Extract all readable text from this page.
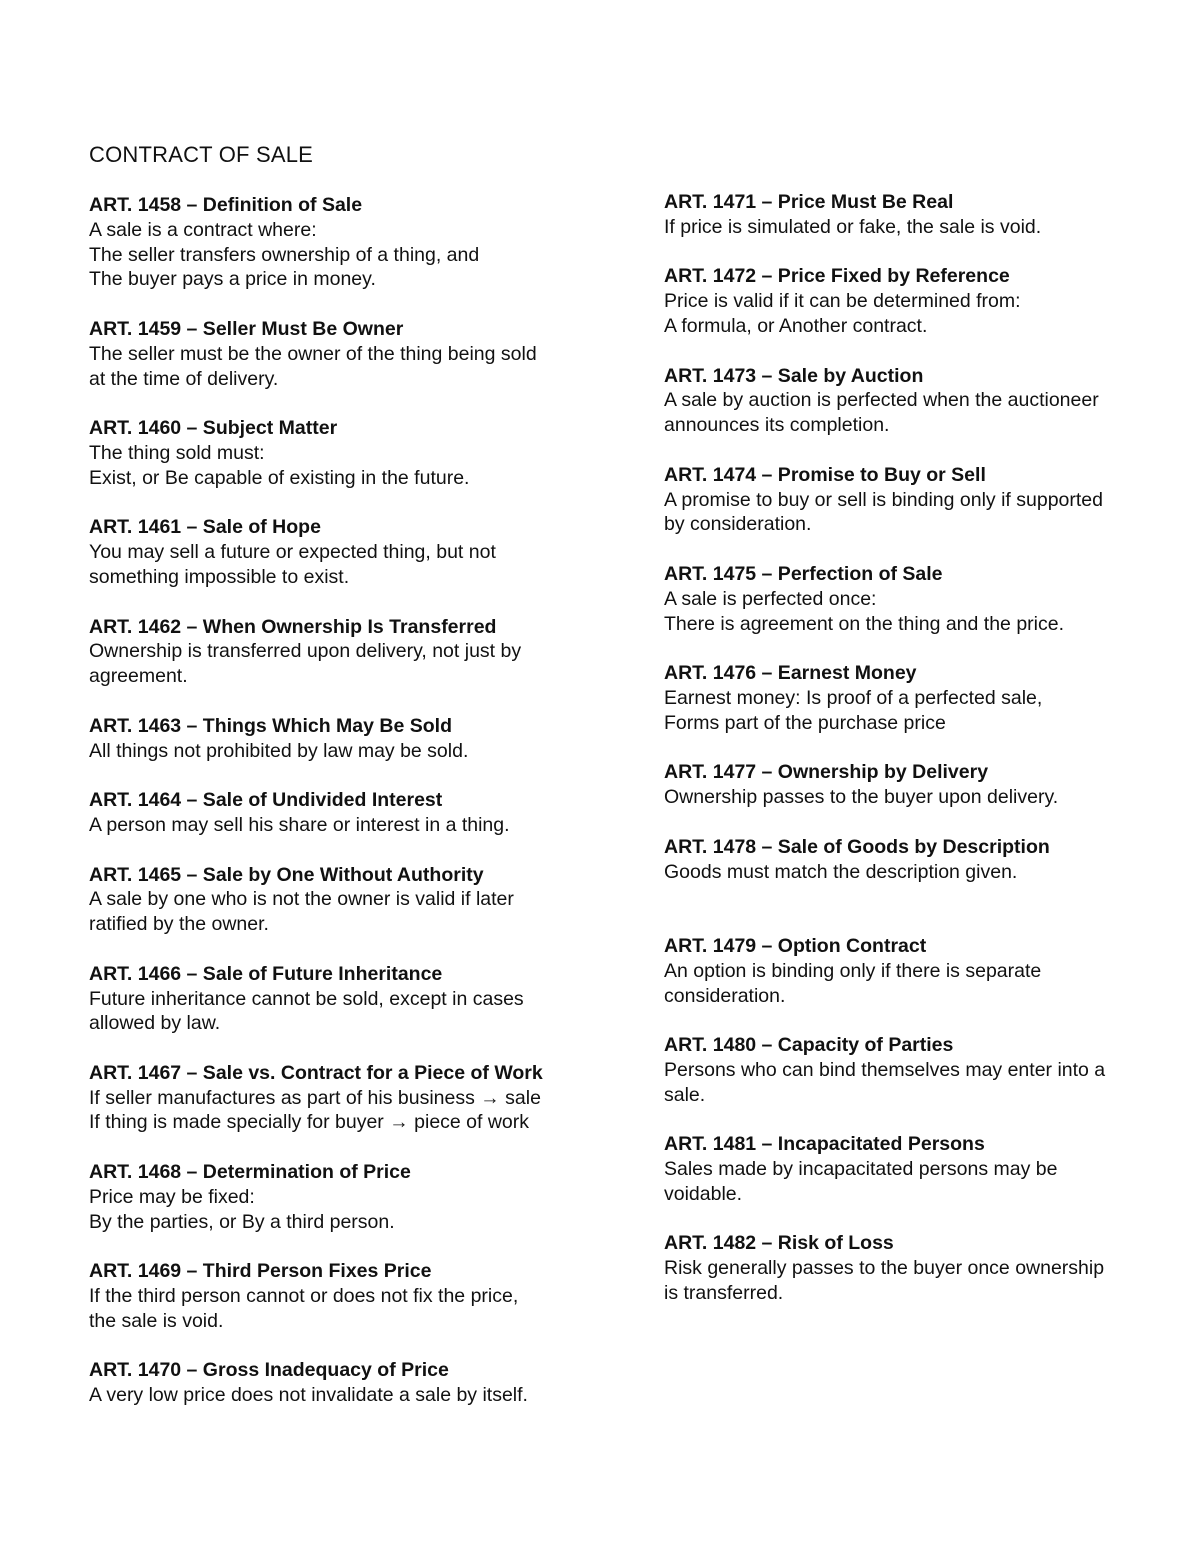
CONTRACT OF SALE
ART. 1458 – Definition of Sale
A sale is a contract where:
The seller transfers ownership of a thing, and
The buyer pays a price in money.
ART. 1459 – Seller Must Be Owner
The seller must be the owner of the thing being sold
at the time of delivery.
ART. 1460 – Subject Matter
The thing sold must:
Exist, or Be capable of existing in the future.
ART. 1461 – Sale of Hope
You may sell a future or expected thing, but not
something impossible to exist.
ART. 1462 – When Ownership Is Transferred
Ownership is transferred upon delivery, not just by
agreement.
ART. 1463 – Things Which May Be Sold
All things not prohibited by law may be sold.
ART. 1464 – Sale of Undivided Interest
A person may sell his share or interest in a thing.
ART. 1465 – Sale by One Without Authority
A sale by one who is not the owner is valid if later
ratified by the owner.
ART. 1466 – Sale of Future Inheritance
Future inheritance cannot be sold, except in cases
allowed by law.
ART. 1467 – Sale vs. Contract for a Piece of Work
If seller manufactures as part of his business → sale
If thing is made specially for buyer → piece of work
ART. 1468 – Determination of Price
Price may be fixed:
By the parties, or By a third person.
ART. 1469 – Third Person Fixes Price
If the third person cannot or does not fix the price,
the sale is void.
ART. 1470 – Gross Inadequacy of Price
A very low price does not invalidate a sale by itself.
ART. 1471 – Price Must Be Real
If price is simulated or fake, the sale is void.
ART. 1472 – Price Fixed by Reference
Price is valid if it can be determined from:
A formula, or Another contract.
ART. 1473 – Sale by Auction
A sale by auction is perfected when the auctioneer
announces its completion.
ART. 1474 – Promise to Buy or Sell
A promise to buy or sell is binding only if supported
by consideration.
ART. 1475 – Perfection of Sale
A sale is perfected once:
There is agreement on the thing and the price.
ART. 1476 – Earnest Money
Earnest money: Is proof of a perfected sale,
Forms part of the purchase price
ART. 1477 – Ownership by Delivery
Ownership passes to the buyer upon delivery.
ART. 1478 – Sale of Goods by Description
Goods must match the description given.
ART. 1479 – Option Contract
An option is binding only if there is separate
consideration.
ART. 1480 – Capacity of Parties
Persons who can bind themselves may enter into a
sale.
ART. 1481 – Incapacitated Persons
Sales made by incapacitated persons may be
voidable.
ART. 1482 – Risk of Loss
Risk generally passes to the buyer once ownership
is transferred.
